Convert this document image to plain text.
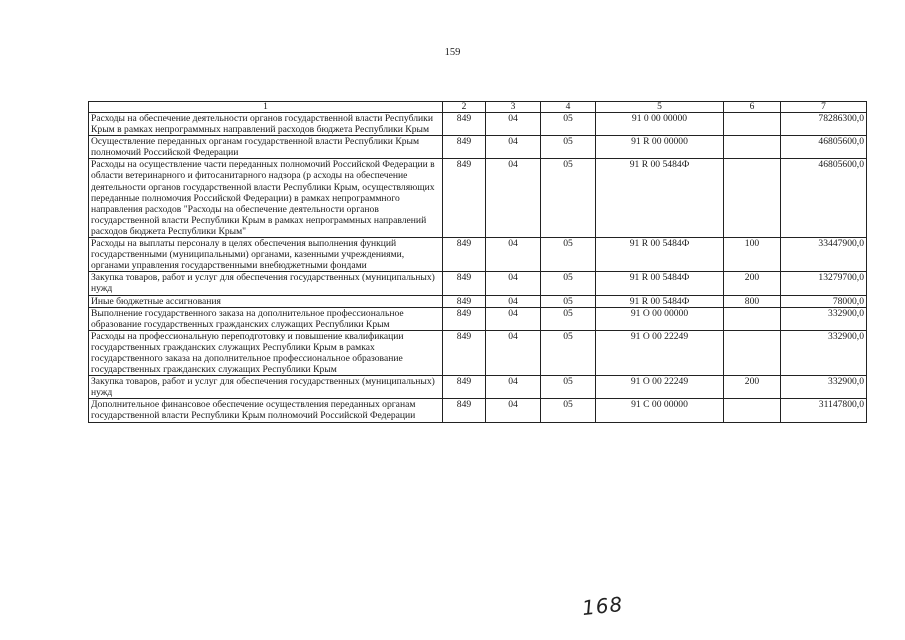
159
1	2	3	4	5	6	7
Расходы на обеспечение деятельности органов государственной власти Республики Крым в рамках непрограммных направлений расходов бюджета Республики Крым	849	04	05	91 0 00 00000		78286300,0
Осуществление переданных органам государственной власти Республики Крым полномочий Российской Федерации	849	04	05	91 R 00 00000		46805600,0
Расходы на осуществление части переданных полномочий Российской Федерации в области ветеринарного и фитосанитарного надзора (р асходы на обеспечение деятельности органов государственной власти Республики Крым, осуществляющих переданные полномочия Российской Федерации) в рамках непрограммного направления расходов "Расходы на обеспечение деятельности органов государственной власти Республики Крым в рамках непрограммных направлений расходов бюджета Республики Крым"	849	04	05	91 R 00 5484Ф		46805600,0
Расходы на выплаты персоналу в целях обеспечения выполнения функций государственными (муниципальными) органами, казенными учреждениями, органами управления государственными внебюджетными фондами	849	04	05	91 R 00 5484Ф	100	33447900,0
Закупка товаров, работ и услуг для обеспечения государственных (муниципальных) нужд	849	04	05	91 R 00 5484Ф	200	13279700,0
Иные бюджетные ассигнования	849	04	05	91 R 00 5484Ф	800	78000,0
Выполнение государственного заказа на дополнительное профессиональное образование государственных гражданских служащих Республики Крым	849	04	05	91 О 00 00000		332900,0
Расходы на профессиональную переподготовку и повышение квалификации государственных гражданских служащих Республики Крым в рамках государственного заказа на дополнительное профессиональное образование государственных гражданских служащих Республики Крым	849	04	05	91 О 00 22249		332900,0
Закупка товаров, работ и услуг для обеспечения государственных (муниципальных) нужд	849	04	05	91 О 00 22249	200	332900,0
Дополнительное финансовое обеспечение осуществления переданных органам государственной власти Республики Крым полномочий Российской Федерации	849	04	05	91 С 00 00000		31147800,0
168
